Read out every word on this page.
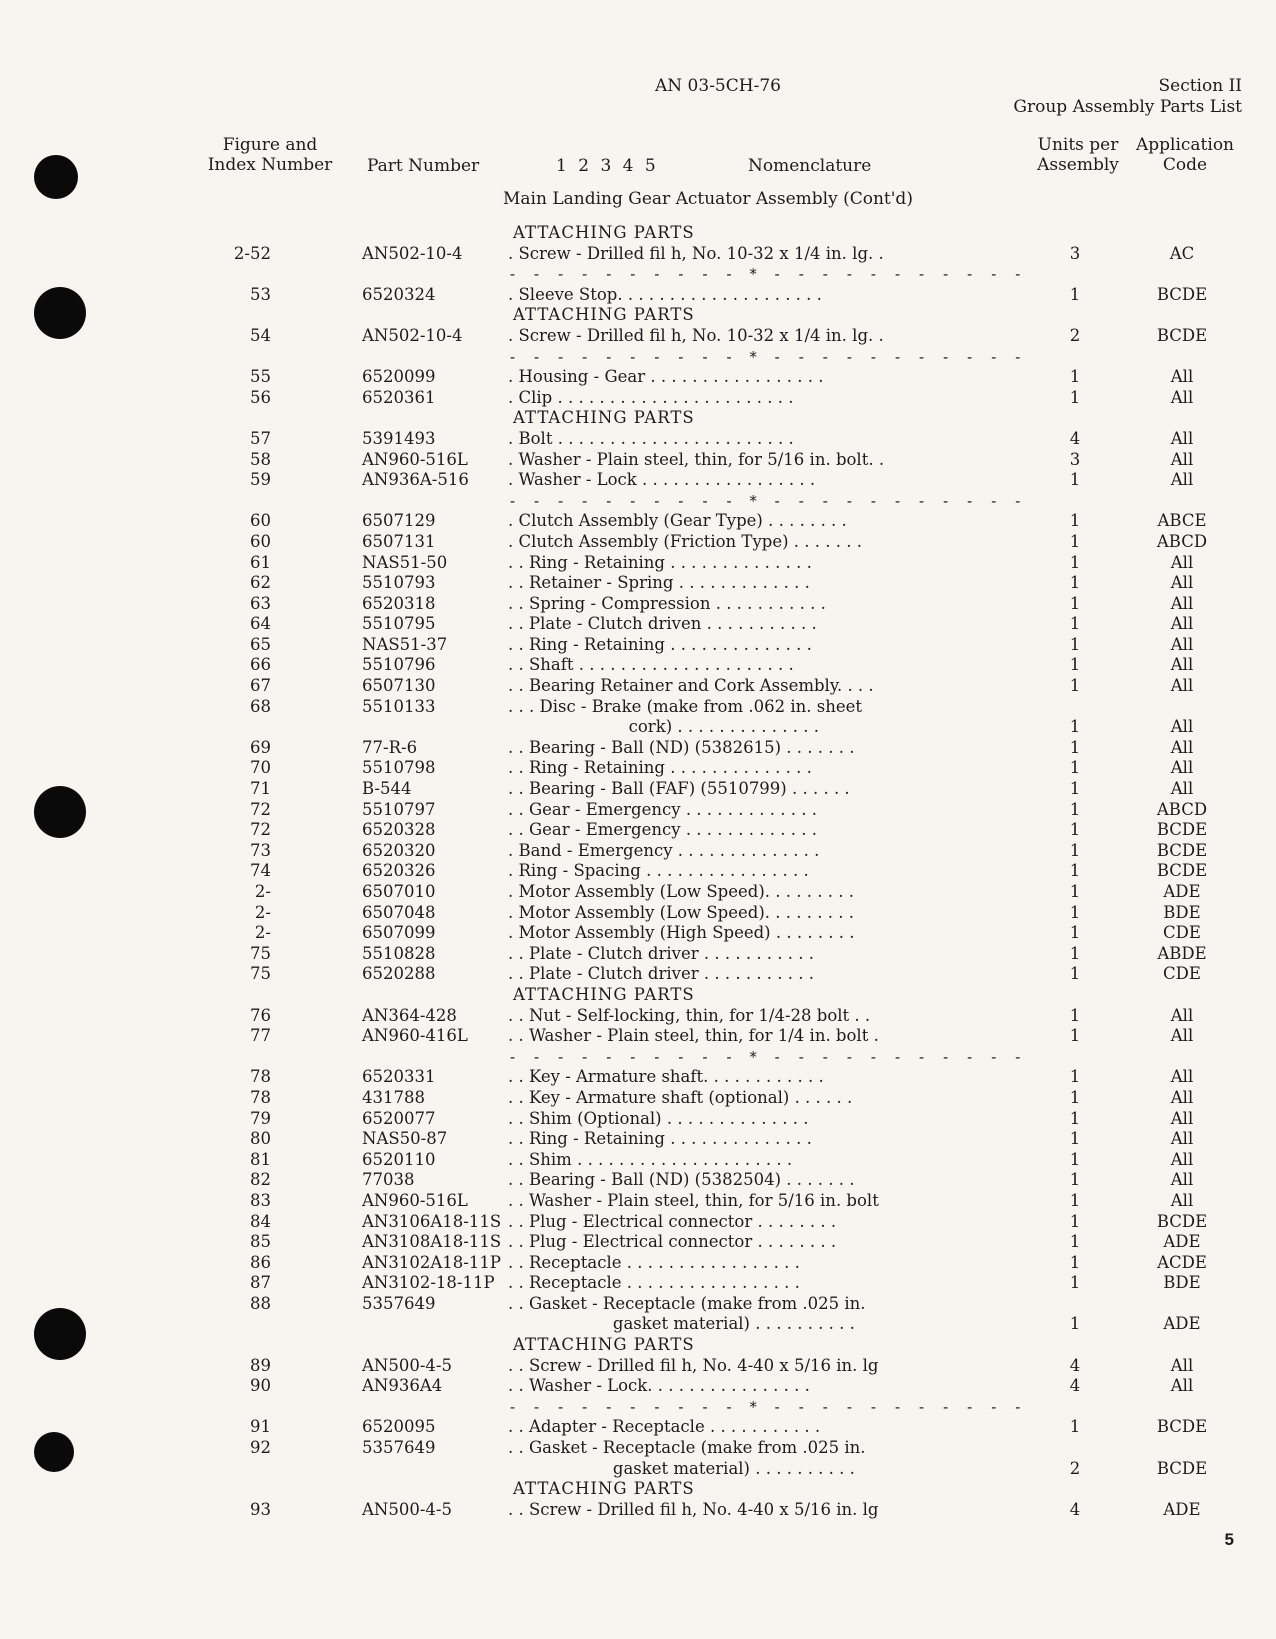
AN 03-5CH-76	Section II
Group Assembly Parts List
Figure and
Index Number	Part Number	1 2 3 4 5	Nomenclature
Units per
Assembly
Application
Code
Main Landing Gear Actuator Assembly (Cont'd)
ATTACHING PARTS
2-52	AN502-10-4	. Screw - Drilled fil h, No. 10-32 x 1/4 in. lg. .	3	AC
- - - - - - - - - - * - - - - - - - - - - -
53	6520324	. Sleeve Stop. . . . . . . . . . . . . . . . . . . .	1	BCDE
ATTACHING PARTS
54	AN502-10-4	. Screw - Drilled fil h, No. 10-32 x 1/4 in. lg. .	2	BCDE
- - - - - - - - - - * - - - - - - - - - - -
55	6520099	. Housing - Gear . . . . . . . . . . . . . . . . .	1	All
56	6520361	. Clip . . . . . . . . . . . . . . . . . . . . . . .	1	All
ATTACHING PARTS
57	5391493	. Bolt . . . . . . . . . . . . . . . . . . . . . . .	4	All
58	AN960-516L . Washer - Plain steel, thin, for 5/16 in. bolt. .	3	All
59	AN936A-516 . Washer - Lock . . . . . . . . . . . . . . . . .	1	All
- - - - - - - - - - * - - - - - - - - - - -
60	6507129	. Clutch Assembly (Gear Type) . . . . . . . .	1	ABCE
60	6507131	. Clutch Assembly (Friction Type) . . . . . . .	1	ABCD
61	NAS51-50	. . Ring - Retaining . . . . . . . . . . . . . .	1	All
62	5510793	. . Retainer - Spring . . . . . . . . . . . . .	1	All
63	6520318	. . Spring - Compression . . . . . . . . . . .	1	All
64	5510795	. . Plate - Clutch driven . . . . . . . . . . .	1	All
65	NAS51-37	. . Ring - Retaining . . . . . . . . . . . . . .	1	All
66	5510796	. . Shaft . . . . . . . . . . . . . . . . . . . . .	1	All
67	6507130	. . Bearing Retainer and Cork Assembly. . . .	1	All
68	5510133	. . . Disc - Brake (make from .062 in. sheet
cork) . . . . . . . . . . . . . .	1	All
69	77-R-6	. . Bearing - Ball (ND) (5382615) . . . . . . .	1	All
70	5510798	. . Ring - Retaining . . . . . . . . . . . . . .	1	All
71	B-544	. . Bearing - Ball (FAF) (5510799) . . . . . .	1	All
72	5510797	. . Gear - Emergency . . . . . . . . . . . . .	1	ABCD
72	6520328	. . Gear - Emergency . . . . . . . . . . . . .	1	BCDE
73	6520320	. Band - Emergency . . . . . . . . . . . . . .	1	BCDE
74	6520326	. Ring - Spacing . . . . . . . . . . . . . . . .	1	BCDE
2-	6507010	. Motor Assembly (Low Speed). . . . . . . . .	1	ADE
2-	6507048	. Motor Assembly (Low Speed). . . . . . . . .	1	BDE
2-	6507099	. Motor Assembly (High Speed) . . . . . . . .	1	CDE
75	5510828	. . Plate - Clutch driver . . . . . . . . . . .	1	ABDE
75	6520288	. . Plate - Clutch driver . . . . . . . . . . .	1	CDE
ATTACHING PARTS
76	AN364-428	. . Nut - Self-locking, thin, for 1/4-28 bolt . .	1	All
77	AN960-416L . . Washer - Plain steel, thin, for 1/4 in. bolt .	1	All
- - - - - - - - - - * - - - - - - - - - - -
78	6520331	. . Key - Armature shaft. . . . . . . . . . . .	1	All
78	431788	. . Key - Armature shaft (optional) . . . . . .	1	All
79	6520077	. . Shim (Optional) . . . . . . . . . . . . . .	1	All
80	NAS50-87	. . Ring - Retaining . . . . . . . . . . . . . .	1	All
81	6520110	. . Shim . . . . . . . . . . . . . . . . . . . . .	1	All
82	77038	. . Bearing - Ball (ND) (5382504) . . . . . . .	1	All
83	AN960-516L . . Washer - Plain steel, thin, for 5/16 in. bolt	1	All
84	AN3106A18-11S . . Plug - Electrical connector . . . . . . . .	1	BCDE
85	AN3108A18-11S . . Plug - Electrical connector . . . . . . . .	1	ADE
86	AN3102A18-11P . . Receptacle . . . . . . . . . . . . . . . . .	1	ACDE
87	AN3102-18-11P . . Receptacle . . . . . . . . . . . . . . . . .	1	BDE
88	5357649	. . Gasket - Receptacle (make from .025 in.
gasket material) . . . . . . . . . .	1	ADE
ATTACHING PARTS
89	AN500-4-5	. . Screw - Drilled fil h, No. 4-40 x 5/16 in. lg	4	All
90	AN936A4	. . Washer - Lock. . . . . . . . . . . . . . . .	4	All
- - - - - - - - - - * - - - - - - - - - - -
91	6520095	. . Adapter - Receptacle . . . . . . . . . . .	1	BCDE
92	5357649	. . Gasket - Receptacle (make from .025 in.
gasket material) . . . . . . . . . .	2	BCDE
ATTACHING PARTS
93	AN500-4-5	. . Screw - Drilled fil h, No. 4-40 x 5/16 in. lg	4	ADE
5
